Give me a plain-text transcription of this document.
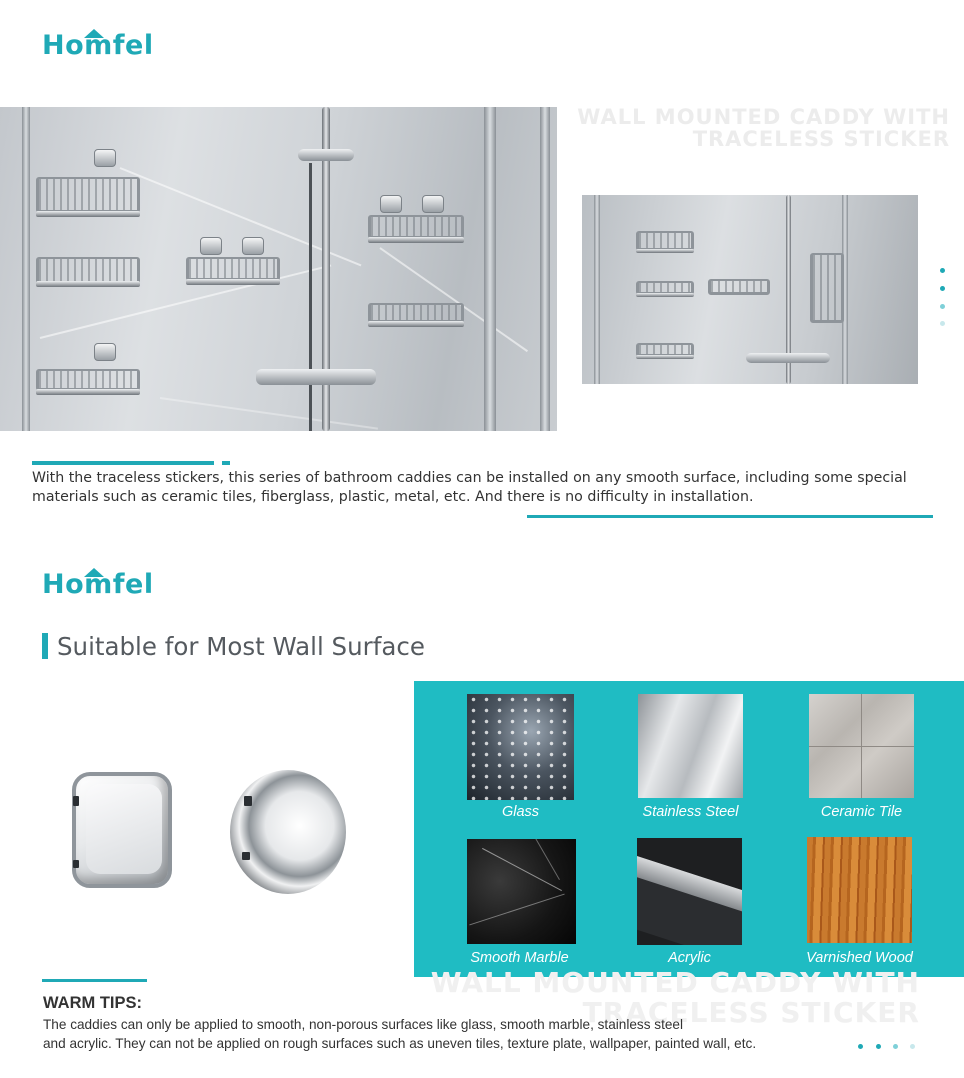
Homfel
WALL MOUNTED CADDY WITH
TRACELESS STICKER
With the traceless stickers, this series of bathroom caddies can be installed on any smooth surface, including some special materials such as ceramic tiles, fiberglass, plastic, metal, etc. And there is no difficulty in installation.
Homfel
Suitable for Most Wall Surface
Glass	Stainless Steel	Ceramic Tile
Smooth Marble	Acrylic	Varnished Wood
WALL MOUNTED CADDY WITH
TRACELESS STICKER
WARM TIPS:
The caddies can only be applied to smooth, non-porous surfaces like glass, smooth marble, stainless steel
and acrylic. They can not be applied on rough surfaces such as uneven tiles, texture plate, wallpaper, painted wall, etc.
